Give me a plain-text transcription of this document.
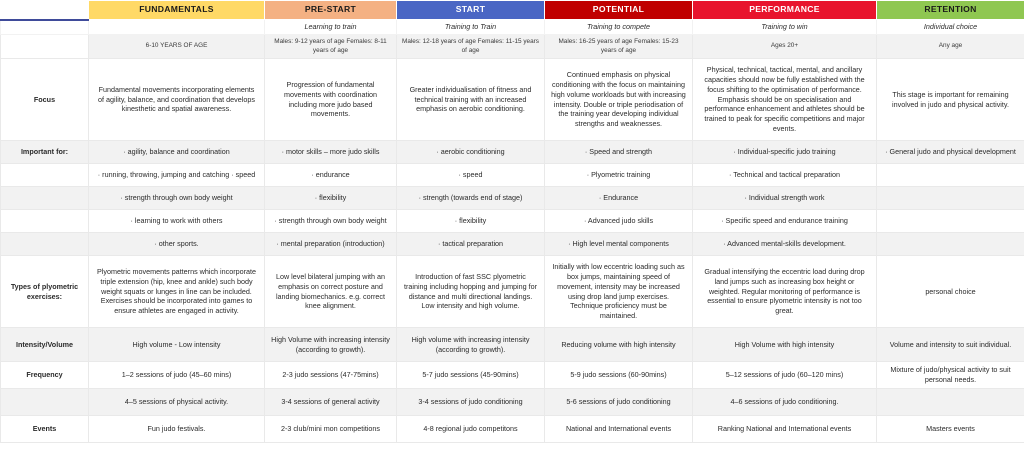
	FUNDAMENTALS	PRE-START	START	POTENTIAL	PERFORMANCE	RETENTION
		Learning to train	Training to Train	Training to compete	Training to win	Individual choice
	6-10 YEARS OF AGE	Males: 9-12 years of age Females: 8-11 years of age	Males: 12-18 years of age Females: 11-15 years of age	Males: 16-25 years of age Females: 15-23 years of age	Ages 20+	Any age
Focus	Fundamental movements incorporating elements of agility, balance, and coordination that develops kinesthetic and spatial awareness.	Progression of fundamental movements with coordination including more judo based movements.	Greater individualisation of fitness and technical training with an increased emphasis on aerobic conditioning.	Continued emphasis on physical conditioning with the focus on maintaining high volume workloads but with increasing intensity. Double or triple periodisation of the training year developing individual strengths and weaknesses.	Physical, technical, tactical, mental, and ancillary capacities should now be fully established with the focus shifting to the optimisation of performance. Emphasis should be on specialisation and performance enhancement and athletes should be trained to peak for specific competitions and major events.	This stage is important for remaining involved in judo and physical activity.
Important for:	· agility, balance and coordination	· motor skills – more judo skills	· aerobic conditioning	· Speed and strength	· Individual-specific judo training	· General judo and physical development
	· running, throwing, jumping and catching · speed	· endurance	· speed	· Plyometric training	· Technical and tactical preparation	
	· strength through own body weight	· flexibility	· strength (towards end of stage)	· Endurance	· Individual strength work	
	· learning to work with others	· strength through own body weight	· flexibility	· Advanced judo skills	· Specific speed and endurance training	
	· other sports.	· mental preparation (introduction)	· tactical preparation	· High level mental components	· Advanced mental-skills development.	
Types of plyometric exercises:	Plyometric movements patterns which incorporate triple extension (hip, knee and ankle) such body weight squats or lunges in line can be included. Exercises should be incorporated into games to ensure athletes are engaged in activity.	Low level bilateral jumping with an emphasis on correct posture and landing biomechanics. e.g. correct knee alignment.	Introduction of fast SSC plyometric training including hopping and jumping for distance and multi directional landings. Low intensity and high volume.	Initially with low eccentric loading such as box jumps, maintaining speed of movement, intensity may be increased using drop land jump exercises. Technique proficiency must be maintained.	Gradual intensifying the eccentric load during drop land jumps such as increasing box height or weighted. Regular monitoring of performance is essential to ensure plyometric intensity is not too great.	personal choice
Intensity/Volume	High volume - Low intensity	High Volume with increasing intensity (according to growth).	High volume with increasing intensity (according to growth).	Reducing volume with high intensity	High Volume with high intensity	Volume and intensity to suit individual.
Frequency	1–2 sessions of judo (45–60 mins)	2-3 judo sessions (47-75mins)	5-7 judo sessions (45-90mins)	5-9 judo sessions (60-90mins)	5–12 sessions of judo (60–120 mins)	Mixture of judo/physical activity to suit personal needs.
	4–5 sessions of physical activity.	3-4 sessions of general activity	3-4 sessions of judo conditioning	5-6 sessions of judo conditioning	4–6 sessions of judo conditioning.	
Events	Fun judo festivals.	2-3 club/mini mon competitions	4-8 regional judo competitons	National and International events	Ranking National and International events	Masters events
